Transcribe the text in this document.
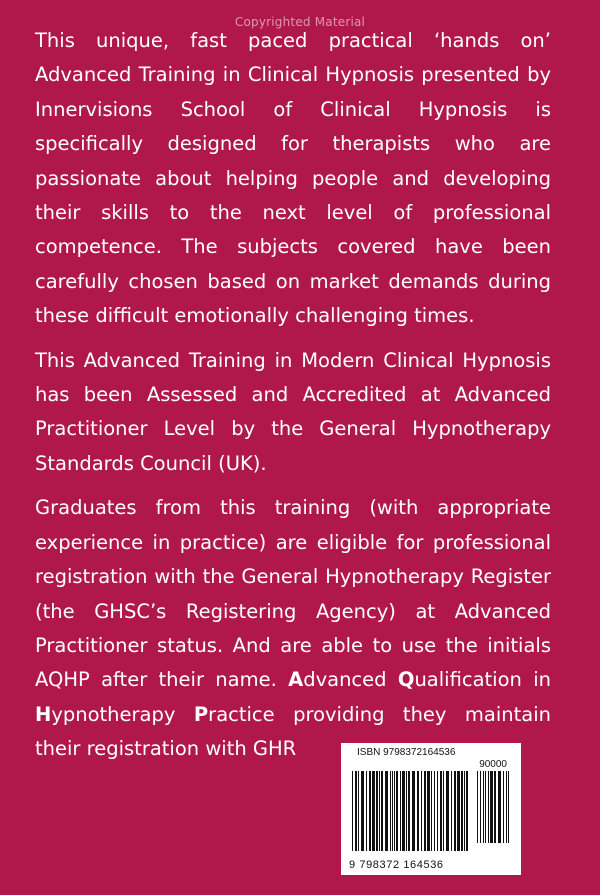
Copyrighted Material

This unique, fast paced practical ‘hands on’ Advanced Training in Clinical Hypnosis presented by Innervisions School of Clinical Hypnosis is specifically designed for therapists who are passionate about helping people and developing their skills to the next level of professional competence. The subjects covered have been carefully chosen based on market demands during these difficult emotionally challenging times.

This Advanced Training in Modern Clinical Hypnosis has been Assessed and Accredited at Advanced Practitioner Level by the General Hypnotherapy Standards Council (UK).

Graduates from this training (with appropriate experience in practice) are eligible for professional registration with the General Hypnotherapy Register (the GHSC’s Registering Agency) at Advanced Practitioner status. And are able to use the initials AQHP after their name. Advanced Qualification in Hypnotherapy Practice providing they maintain their registration with GHR	ISBN 9798372164536
90000
9 798372 164536
